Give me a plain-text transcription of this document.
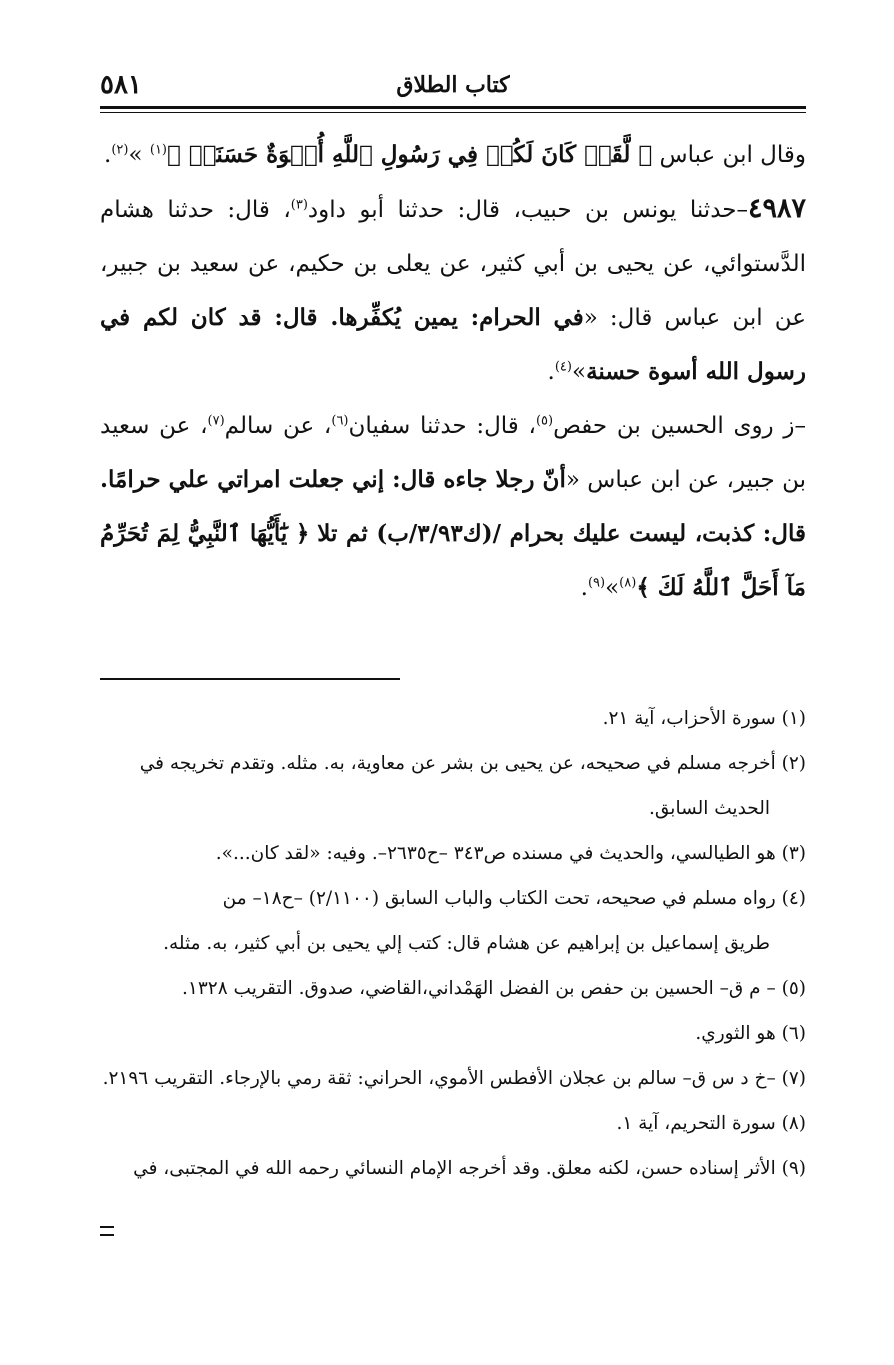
كتاب الطلاق
٥٨١

وقال ابن عباس ﴿ لَّقَدۡ كَانَ لَكُمۡ فِي رَسُولِ ٱللَّهِ أُسۡوَةٌ حَسَنَةٞ ﴾$^{(١)}$ »$^{(٢)}$.

٤٩٨٧–حدثنا يونس بن حبيب، قال: حدثنا أبو داود$^{(٣)}$، قال: حدثنا هشام الدَّستوائي، عن يحيى بن أبي كثير، عن يعلى بن حكيم، عن سعيد بن جبير، عن ابن عباس قال: «في الحرام: يمين يُكفِّرها. قال: قد كان لكم في رسول الله أسوة حسنة»$^{(٤)}$.

–ز روى الحسين بن حفص$^{(٥)}$، قال: حدثنا سفيان$^{(٦)}$، عن سالم$^{(٧)}$، عن سعيد بن جبير، عن ابن عباس «أنّ رجلا جاءه قال: إني جعلت امراتي علي حرامًا. قال: كذبت، ليست عليك بحرام /(ك٣/٩٣/ب) ثم تلا ﴿ يَٰٓأَيُّهَا ٱلنَّبِيُّ لِمَ تُحَرِّمُ مَآ أَحَلَّ ٱللَّهُ لَكَ ﴾$^{(٨)}$»$^{(٩)}$.

(١) سورة الأحزاب، آية ٢١.

(٢) أخرجه مسلم في صحيحه، عن يحيى بن بشر عن معاوية، به. مثله. وتقدم تخريجه في

الحديث السابق.

(٣) هو الطيالسي، والحديث في مسنده ص٣٤٣ –ح٢٦٣٥–. وفيه: «لقد كان...».

(٤) رواه مسلم في صحيحه، تحت الكتاب والباب السابق (٢/١١٠٠) –ح١٨– من

طريق إسماعيل بن إبراهيم عن هشام قال: كتب إلي يحيى بن أبي كثير، به. مثله.

(٥) – م ق– الحسين بن حفص بن الفضل الهَمْداني،القاضي، صدوق. التقريب ١٣٢٨.

(٦) هو الثوري.

(٧) –خ د س ق– سالم بن عجلان الأفطس الأموي، الحراني: ثقة رمي بالإرجاء. التقريب ٢١٩٦.

(٨) سورة التحريم، آية ١.

(٩) الأثر إسناده حسن، لكنه معلق. وقد أخرجه الإمام النسائي رحمه الله في المجتبى، في
